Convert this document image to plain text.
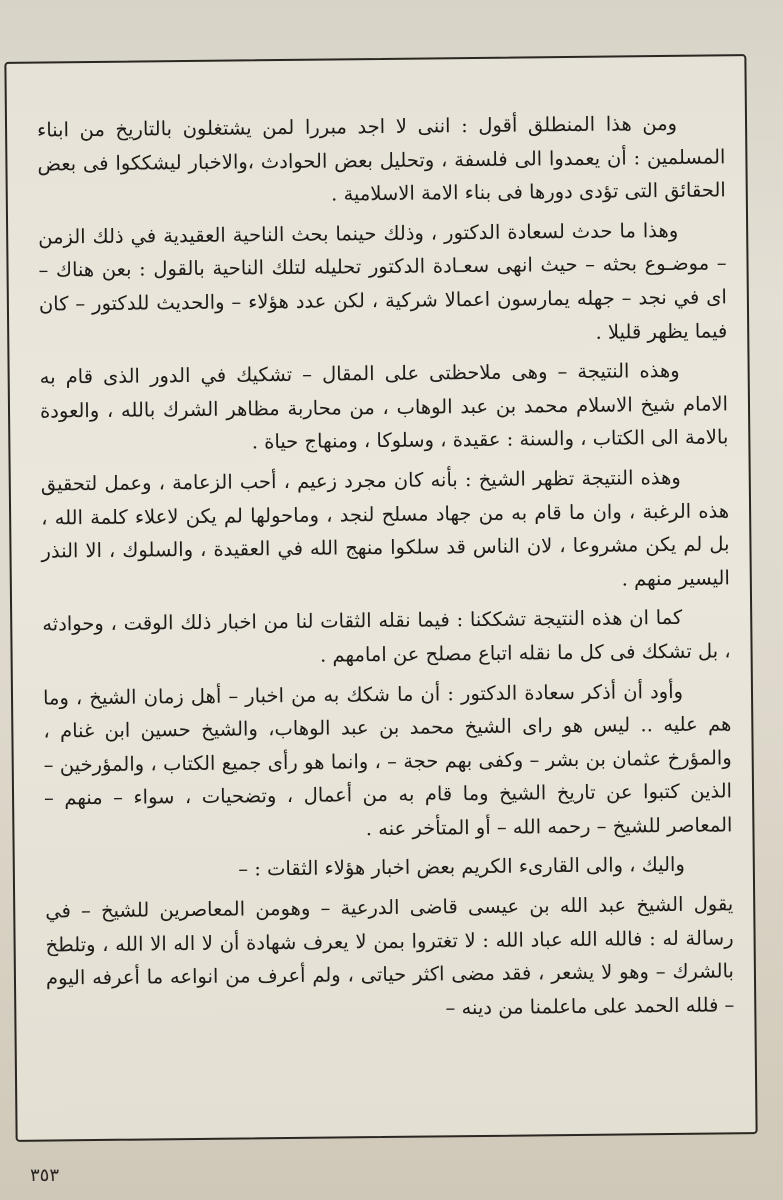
ومن هذا المنطلق أقول : اننى لا اجد مبررا لمن يشتغلون بالتاريخ من ابناء المسلمين : أن يعمدوا الى فلسفة ، وتحليل بعض الحوادث ،والاخبار ليشككوا فى بعض الحقائق التى تؤدى دورها فى بناء الامة الاسلامية .

وهذا ما حدث لسعادة الدكتور ، وذلك حينما بحث الناحية العقيدية في ذلك الزمن – موضـوع بحثه – حيث انهى سعـادة الدكتور تحليله لتلك الناحية بالقول : بعن هناك – اى في نجد – جهله يمارسون اعمالا شركية ، لكن عدد هؤلاء – والحديث للدكتور – كان فيما يظهر قليلا .

وهذه النتيجة – وهى ملاحظتى على المقال – تشكيك في الدور الذى قام به الامام شيخ الاسلام محمد بن عبد الوهاب ، من محاربة مظاهر الشرك بالله ، والعودة بالامة الى الكتاب ، والسنة : عقيدة ، وسلوكا ، ومنهاج حياة .

وهذه النتيجة تظهر الشيخ : بأنه كان مجرد زعيم ، أحب الزعامة ، وعمل لتحقيق هذه الرغبة ، وان ما قام به من جهاد مسلح لنجد ، وماحولها لم يكن لاعلاء كلمة الله ، بل لم يكن مشروعا ، لان الناس قد سلكوا منهج الله في العقيدة ، والسلوك ، الا النذر اليسير منهم .

كما ان هذه النتيجة تشككنا : فيما نقله الثقات لنا من اخبار ذلك الوقت ، وحوادثه ، بل تشكك فى كل ما نقله اتباع مصلح عن امامهم .

وأود أن أذكر سعادة الدكتور : أن ما شكك به من اخبار – أهل زمان الشيخ ، وما هم عليه .. ليس هو راى الشيخ محمد بن عبد الوهاب، والشيخ حسين ابن غنام ، والمؤرخ عثمان بن بشر – وكفى بهم حجة – ، وانما هو رأى جميع الكتاب ، والمؤرخين – الذين كتبوا عن تاريخ الشيخ وما قام به من أعمال ، وتضحيات ، سواء – منهم – المعاصر للشيخ – رحمه الله – أو المتأخر عنه .

واليك ، والى القارىء الكريم بعض اخبار هؤلاء الثقات : –

يقول الشيخ عبد الله بن عيسى قاضى الدرعية – وهومن المعاصرين للشيخ – في رسالة له : فالله الله عباد الله : لا تغتروا بمن لا يعرف شهادة أن لا اله الا الله ، وتلطخ بالشرك – وهو لا يشعر ، فقد مضى اكثر حياتى ، ولم أعرف من انواعه ما أعرفه اليوم – فلله الحمد على ماعلمنا من دينه –

٣٥٣
